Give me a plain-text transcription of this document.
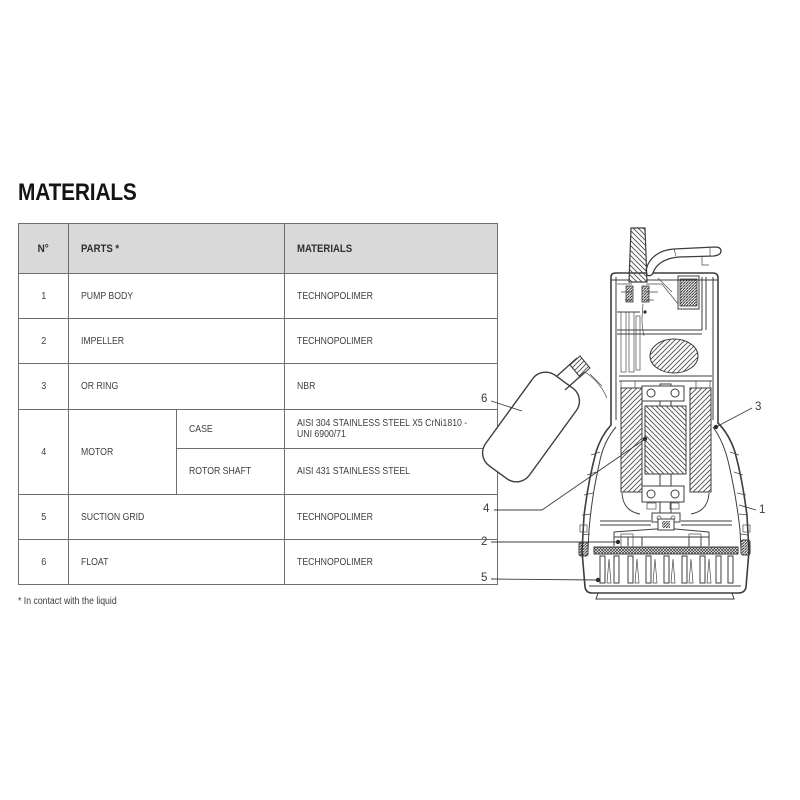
MATERIALS
N°	PARTS *		MATERIALS
1	PUMP BODY		TECHNOPOLIMER
2	IMPELLER		TECHNOPOLIMER
3	OR RING		NBR
4	MOTOR	CASE	AISI 304 STAINLESS STEEL X5 CrNi1810 -
UNI 6900/71
		ROTOR SHAFT	AISI 431 STAINLESS STEEL
5	SUCTION GRID		TECHNOPOLIMER
6	FLOAT		TECHNOPOLIMER
* In contact with the liquid
6
3
4	1
2
5
